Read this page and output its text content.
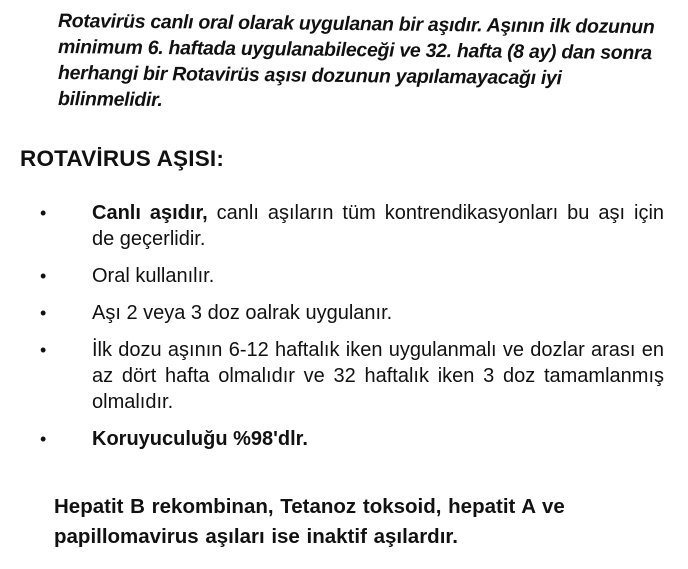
Rotavirüs canlı oral olarak uygulanan bir aşıdır. Aşının ilk dozunun minimum 6. haftada uygulanabileceği ve 32. hafta (8 ay) dan sonra herhangi bir Rotavirüs aşısı dozunun yapılamayacağı iyi bilinmelidir.

ROTAVİRUS AŞISI:
• Canlı aşıdır, canlı aşıların tüm kontrendikasyonları bu aşı için de geçerlidir.
• Oral kullanılır.
• Aşı 2 veya 3 doz oalrak uygulanır.
• İlk dozu aşının 6-12 haftalık iken uygulanmalı ve dozlar arası en az dört hafta olmalıdır ve 32 haftalık iken 3 doz tamamlanmış olmalıdır.
• Koruyuculuğu %98'dlr.

Hepatit B rekombinan, Tetanoz toksoid, hepatit A ve papillomavirus aşıları ise inaktif aşılardır.
